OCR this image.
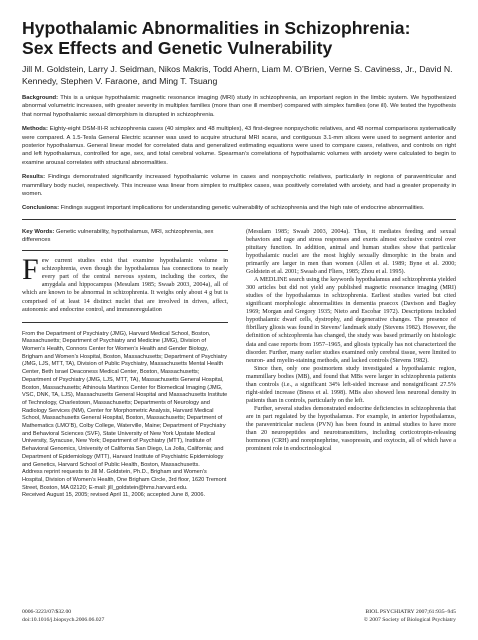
Hypothalamic Abnormalities in Schizophrenia:
Sex Effects and Genetic Vulnerability
Jill M. Goldstein, Larry J. Seidman, Nikos Makris, Todd Ahern, Liam M. O’Brien, Verne S. Caviness, Jr., David N. Kennedy, Stephen V. Faraone, and Ming T. Tsuang

Background: This is a unique hypothalamic magnetic resonance imaging (MRI) study in schizophrenia, an important region in the limbic system. We hypothesized abnormal volumetric increases, with greater severity in multiplex families (more than one ill member) compared with simplex families (one ill). We tested the hypothesis that normal hypothalamic sexual dimorphism is disrupted in schizophrenia.

Methods: Eighty-eight DSM-III-R schizophrenia cases (40 simplex and 48 multiplex), 43 first-degree nonpsychotic relatives, and 48 normal comparisons systematically were compared. A 1.5-Tesla General Electric scanner was used to acquire structural MRI scans, and contiguous 3.1-mm slices were used to segment anterior and posterior hypothalamus. General linear model for correlated data and generalized estimating equations were used to compare cases, relatives, and controls on right and left hypothalamus, controlled for age, sex, and total cerebral volume. Spearman’s correlations of hypothalamic volumes with anxiety were calculated to begin to examine arousal correlates with structural abnormalities.

Results: Findings demonstrated significantly increased hypothalamic volume in cases and nonpsychotic relatives, particularly in regions of paraventricular and mammillary body nuclei, respectively. This increase was linear from simplex to multiplex cases, was positively correlated with anxiety, and had a greater propensity in women.

Conclusions: Findings suggest important implications for understanding genetic vulnerability of schizophrenia and the high rate of endocrine abnormalities.

Key Words: Genetic vulnerability, hypothalamus, MRI, schizophrenia, sex differences
F ew current studies exist that examine hypothalamic volume in schizophrenia, even though the hypothalamus has connections to nearly every part of the central nervous system, including the cortex, the amygdala and hippocampus (Mesulam 1985; Swaab 2003, 2004a), all of which are known to be abnormal in schizophrenia. It weighs only about 4 g but is comprised of at least 14 distinct nuclei that are involved in drives, affect, autonomic and endocrine control, and immunoregulation

From the Department of Psychiatry (JMG), Harvard Medical School, Boston, Massachusetts; Department of Psychiatry and Medicine (JMG), Division of Women’s Health, Connors Center for Women’s Health and Gender Biology, Brigham and Women’s Hospital, Boston, Massachusetts; Department of Psychiatry (JMG, LJS, MTT, TA), Division of Public Psychiatry, Massachusetts Mental Health Center, Beth Israel Deaconess Medical Center, Boston, Massachusetts; Department of Psychiatry (JMG, LJS, MTT, TA), Massachusetts General Hospital, Boston, Massachusetts; Athinoula Martinos Center for Biomedical Imaging (JMG, VSC, DNK, TA, LJS), Massachusetts General Hospital and Massachusetts Institute of Technology, Charlestown, Massachusetts; Departments of Neurology and Radiology Services (NM), Center for Morphometric Analysis, Harvard Medical School, Massachusetts General Hospital, Boston, Massachusetts; Department of Mathematics (LMO’B), Colby College, Waterville, Maine; Department of Psychiatry and Behavioral Sciences (SVF), State University of New York Upstate Medical University, Syracuse, New York; Department of Psychiatry (MTT), Institute of Behavioral Genomics, University of California San Diego, La Jolla, California; and Department of Epidemiology (MTT), Harvard Institute of Psychiatric Epidemiology and Genetics, Harvard School of Public Health, Boston, Massachusetts.

Address reprint requests to Jill M. Goldstein, Ph.D., Brigham and Women’s Hospital, Division of Women’s Health, One Brigham Circle, 3rd floor, 1620 Tremont Street, Boston, MA 02120; E-mail: jill_goldstein@hms.harvard.edu.

Received August 15, 2005; revised April 11, 2006; accepted June 8, 2006.

(Mesulam 1985; Swaab 2003, 2004a). Thus, it mediates feeding and sexual behaviors and rage and stress responses and exerts almost exclusive control over pituitary function. In addition, animal and human studies show that particular hypothalamic nuclei are the most highly sexually dimorphic in the brain and primarily are larger in men than women (Allen et al. 1989; Byne et al. 2000; Goldstein et al. 2001; Swaab and Fliers, 1985; Zhou et al. 1995).

A MEDLINE search using the keywords hypothalamus and schizophrenia yielded 300 articles but did not yield any published magnetic resonance imaging (MRI) studies of the hypothalamus in schizophrenia. Earliest studies varied but cited significant morphologic abnormalities in dementia praecox (Davison and Bagley 1969; Morgan and Gregory 1935; Nieto and Escobar 1972). Descriptions included hypothalamic dwarf cells, dystrophy, and degenerative changes. The presence of fibrillary gliosis was found in Stevens’ landmark study (Stevens 1982). However, the definition of schizophrenia has changed, the study was based primarily on histologic data and case reports from 1957–1965, and gliosis typically has not characterized the disorder. Further, many earlier studies examined only cerebral tissue, were limited to neuron- and myelin-staining methods, and lacked controls (Stevens 1982).

Since then, only one postmortem study investigated a hypothalamic region, mammillary bodies (MB), and found that MBs were larger in schizophrenia patients than controls (i.e., a significant 34% left-sided increase and nonsignificant 27.5% right-sided increase (Bness et al. 1998). MBs also showed less neuronal density in patients than in controls, particularly on the left.

Further, several studies demonstrated endocrine deficiencies in schizophrenia that are in part regulated by the hypothalamus. For example, in anterior hypothalamus, the paraventricular nucleus (PVN) has been found in animal studies to have more than 20 neuropeptides and neurotransmitters, including corticotropin-releasing hormones (CRH) and norepinephrine, vasopressin, and oxytocin, all of which have a prominent role in endocrinological

0006-3223/07/$32.00
doi:10.1016/j.biopsych.2006.06.027
BIOL PSYCHIATRY 2007;61:935–945
© 2007 Society of Biological Psychiatry
